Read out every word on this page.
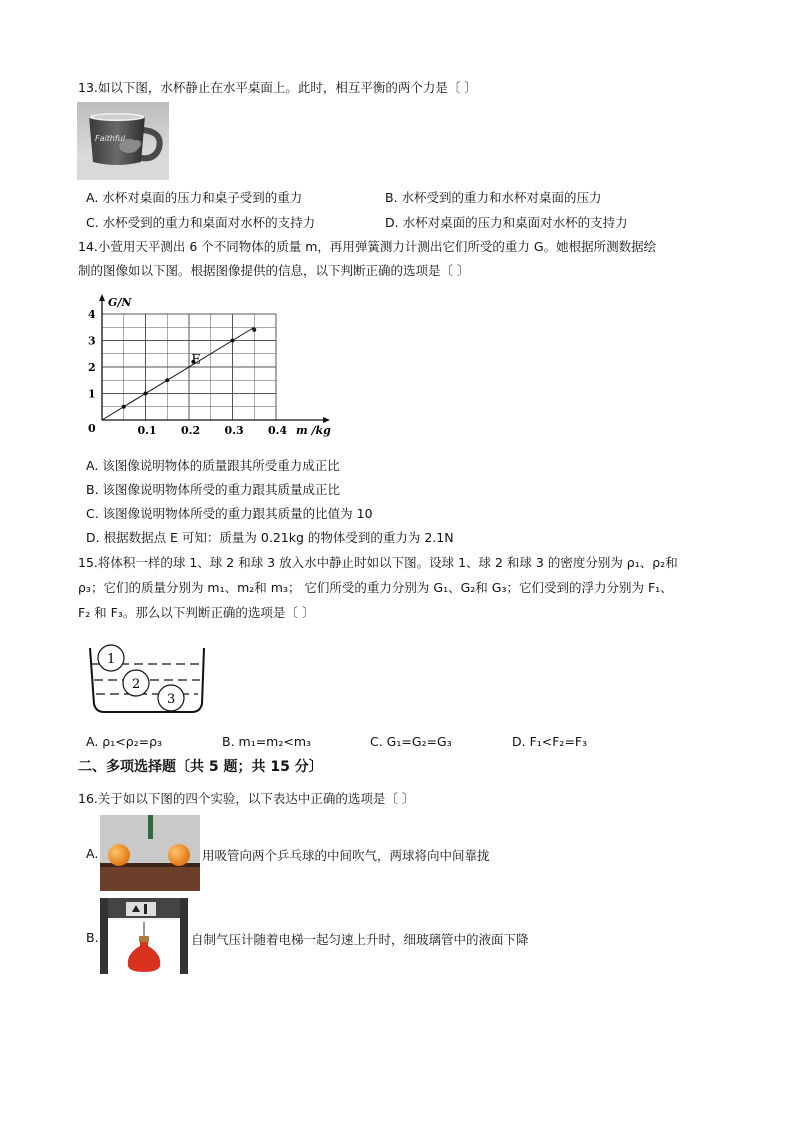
13.如以下图，水杯静止在水平桌面上。此时，相互平衡的两个力是〔 〕
Faithful
A. 水杯对桌面的压力和桌子受到的重力	B. 水杯受到的重力和水杯对桌面的压力
C. 水杯受到的重力和桌面对水杯的支持力	D. 水杯对桌面的压力和桌面对水杯的支持力
14.小萱用天平测出 6 个不同物体的质量 m，再用弹簧测力计测出它们所受的重力 G。她根据所测数据绘
制的图像如以下图。根据图像提供的信息，以下判断正确的选项是〔 〕
0.1 0.2 0.3 0.4
1
2
3
4
0
G/N
m /kg
E
A. 该图像说明物体的质量跟其所受重力成正比
B. 该图像说明物体所受的重力跟其质量成正比
C. 该图像说明物体所受的重力跟其质量的比值为 10
D. 根据数据点 E 可知：质量为 0.21kg 的物体受到的重力为 2.1N
15.将体积一样的球 1、球 2 和球 3 放入水中静止时如以下图。设球 1、球 2 和球 3 的密度分别为 ρ₁、ρ₂和
ρ₃；它们的质量分别为 m₁、m₂和 m₃； 它们所受的重力分别为 G₁、G₂和 G₃；它们受到的浮力分别为 F₁、
F₂ 和 F₃。那么以下判断正确的选项是〔 〕
1
2
3
A. ρ₁<ρ₂=ρ₃	B. m₁=m₂<m₃	C. G₁=G₂=G₃	D. F₁<F₂=F₃
二、多项选择题〔共 5 题；共 15 分〕
16.关于如以下图的四个实验，以下表达中正确的选项是〔 〕
A.	用吸管向两个乒乓球的中间吹气，两球将向中间靠拢
B.	自制气压计随着电梯一起匀速上升时，细玻璃管中的液面下降
